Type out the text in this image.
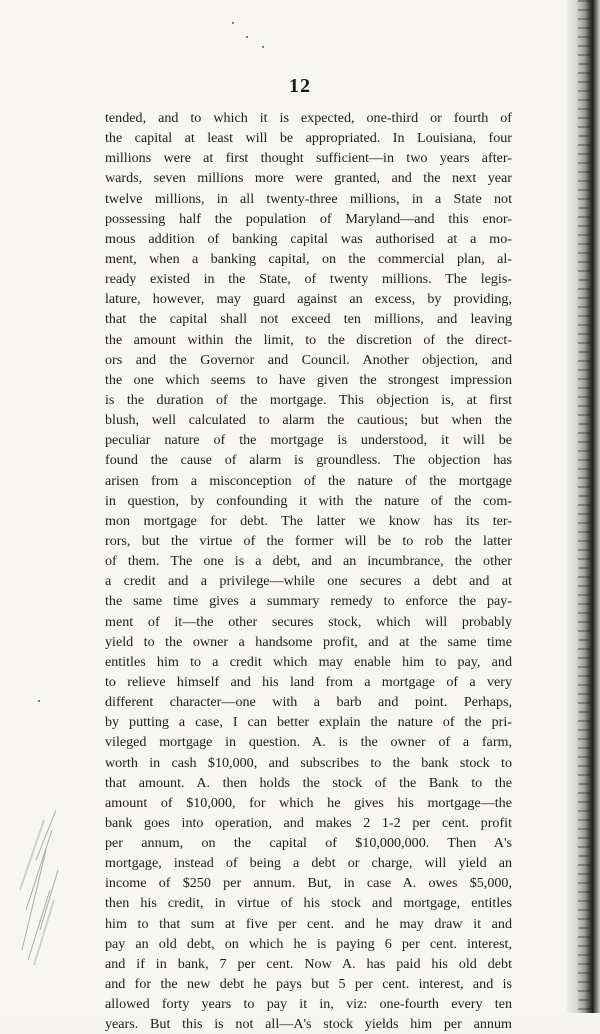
12
tended, and to which it is expected, one-third or fourth of
the capital at least will be appropriated. In Louisiana, four
millions were at first thought sufficient—in two years after-
wards, seven millions more were granted, and the next year
twelve millions, in all twenty-three millions, in a State not
possessing half the population of Maryland—and this enor-
mous addition of banking capital was authorised at a mo-
ment, when a banking capital, on the commercial plan, al-
ready existed in the State, of twenty millions. The legis-
lature, however, may guard against an excess, by providing,
that the capital shall not exceed ten millions, and leaving
the amount within the limit, to the discretion of the direct-
ors and the Governor and Council. Another objection, and
the one which seems to have given the strongest impression
is the duration of the mortgage. This objection is, at first
blush, well calculated to alarm the cautious; but when the
peculiar nature of the mortgage is understood, it will be
found the cause of alarm is groundless. The objection has
arisen from a misconception of the nature of the mortgage
in question, by confounding it with the nature of the com-
mon mortgage for debt. The latter we know has its ter-
rors, but the virtue of the former will be to rob the latter
of them. The one is a debt, and an incumbrance, the other
a credit and a privilege—while one secures a debt and at
the same time gives a summary remedy to enforce the pay-
ment of it—the other secures stock, which will probably
yield to the owner a handsome profit, and at the same time
entitles him to a credit which may enable him to pay, and
to relieve himself and his land from a mortgage of a very
different character—one with a barb and point. Perhaps,
by putting a case, I can better explain the nature of the pri-
vileged mortgage in question. A. is the owner of a farm,
worth in cash $10,000, and subscribes to the bank stock to
that amount. A. then holds the stock of the Bank to the
amount of $10,000, for which he gives his mortgage—the
bank goes into operation, and makes 2 1-2 per cent. profit
per annum, on the capital of $10,000,000. Then A's
mortgage, instead of being a debt or charge, will yield an
income of $250 per annum. But, in case A. owes $5,000,
then his credit, in virtue of his stock and mortgage, entitles
him to that sum at five per cent. and he may draw it and
pay an old debt, on which he is paying 6 per cent. interest,
and if in bank, 7 per cent. Now A. has paid his old debt
and for the new debt he pays but 5 per cent. interest, and is
allowed forty years to pay it in, viz: one-fourth every ten
years. But this is not all—A's stock yields him per annum
